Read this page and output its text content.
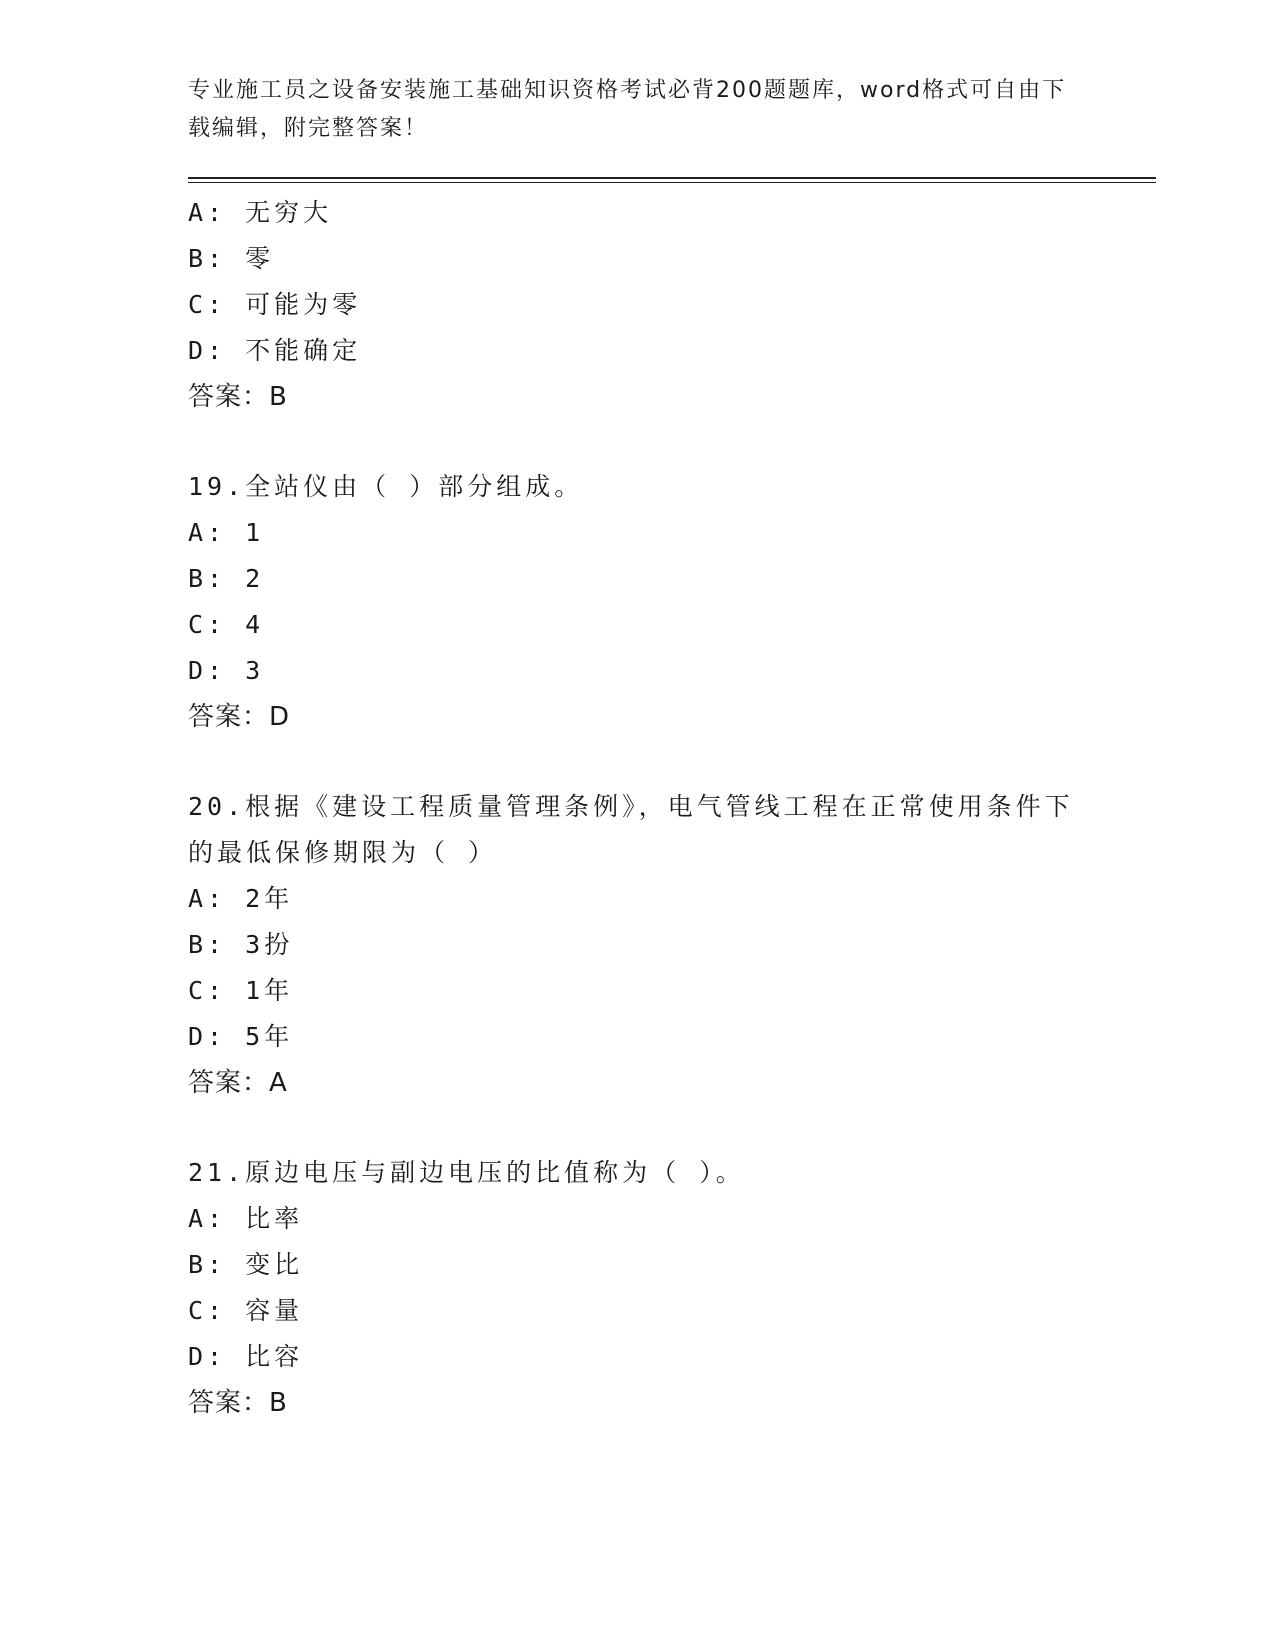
专业施工员之设备安装施工基础知识资格考试必背200题题库，word格式可自由下载编辑，附完整答案！
A: 无穷大
B: 零
C: 可能为零
D: 不能确定
答案：B
19.全站仪由（ ）部分组成。
A: 1
B: 2
C: 4
D: 3
答案：D
20.根据《建设工程质量管理条例》，电气管线工程在正常使用条件下的最低保修期限为（ ）
A: 2年
B: 3扮
C: 1年
D: 5年
答案：A
21.原边电压与副边电压的比值称为（ ）。
A: 比率
B: 变比
C: 容量
D: 比容
答案：B
